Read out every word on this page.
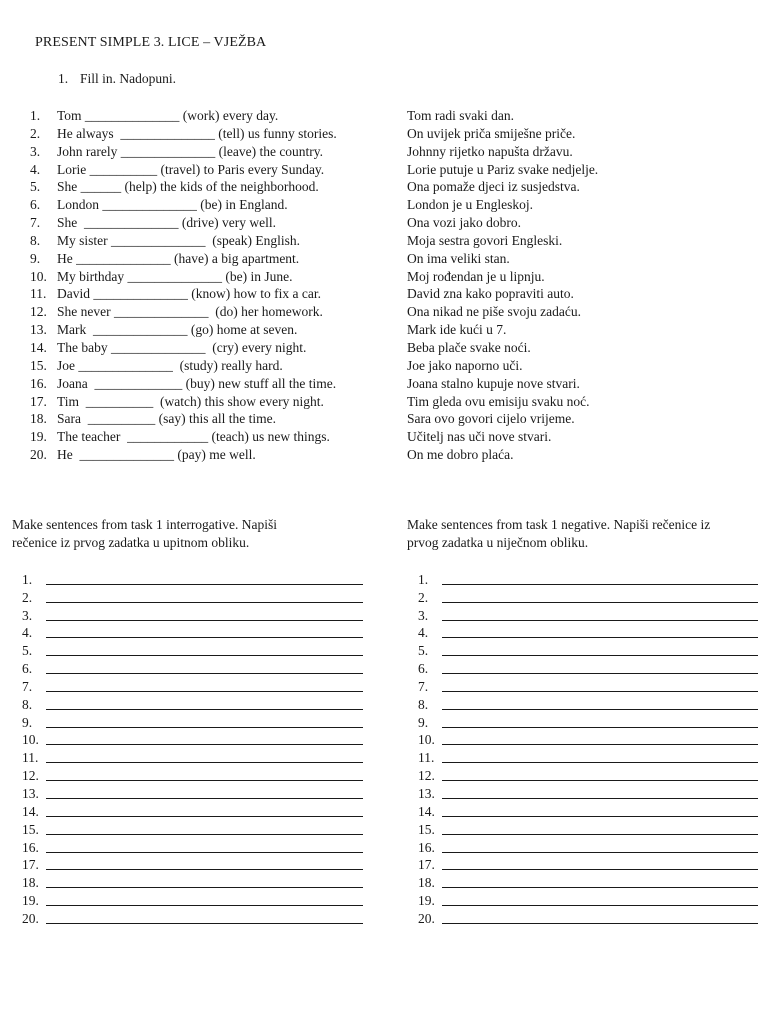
PRESENT SIMPLE 3. LICE – VJEŽBA
1. Fill in. Nadopuni.
1.	Tom ______________ (work) every day.
2.	He always  ______________ (tell) us funny stories.
3.	John rarely ______________ (leave) the country.
4.	Lorie __________ (travel) to Paris every Sunday.
5.	She ______ (help) the kids of the neighborhood.
6.	London ______________ (be) in England.
7.	She  ______________ (drive) very well.
8.	My sister ______________  (speak) English.
9.	He ______________ (have) a big apartment.
10. My birthday ______________ (be) in June.
11. David ______________ (know) how to fix a car.
12. She never ______________  (do) her homework.
13. Mark  ______________ (go) home at seven.
14. The baby ______________  (cry) every night.
15. Joe ______________  (study) really hard.
16. Joana  _____________ (buy) new stuff all the time.
17. Tim  __________  (watch) this show every night.
18. Sara  __________ (say) this all the time.
19. The teacher  ____________ (teach) us new things.
20. He  ______________ (pay) me well.
Tom radi svaki dan.
On uvijek priča smiješne priče.
Johnny rijetko napušta državu.
Lorie putuje u Pariz svake nedjelje.
Ona pomaže djeci iz susjedstva.
London je u Engleskoj.
Ona vozi jako dobro.
Moja sestra govori Engleski.
On ima veliki stan.
Moj rođendan je u lipnju.
David zna kako popraviti auto.
Ona nikad ne piše svoju zadaću.
Mark ide kući u 7.
Beba plače svake noći.
Joe jako naporno uči.
Joana stalno kupuje nove stvari.
Tim gleda ovu emisiju svaku noć.
Sara ovo govori cijelo vrijeme.
Učitelj nas uči nove stvari.
On me dobro plaća.
Make sentences from task 1 interrogative. Napiši
rečenice iz prvog zadatka u upitnom obliku.
Make sentences from task 1 negative. Napiši rečenice iz
prvog zadatka u niječnom obliku.
1.
2.
3.
4.
5.
6.
7.
8.
9.
10.
11.
12.
13.
14.
15.
16.
17.
18.
19.
20.
1.
2.
3.
4.
5.
6.
7.
8.
9.
10.
11.
12.
13.
14.
15.
16.
17.
18.
19.
20.
